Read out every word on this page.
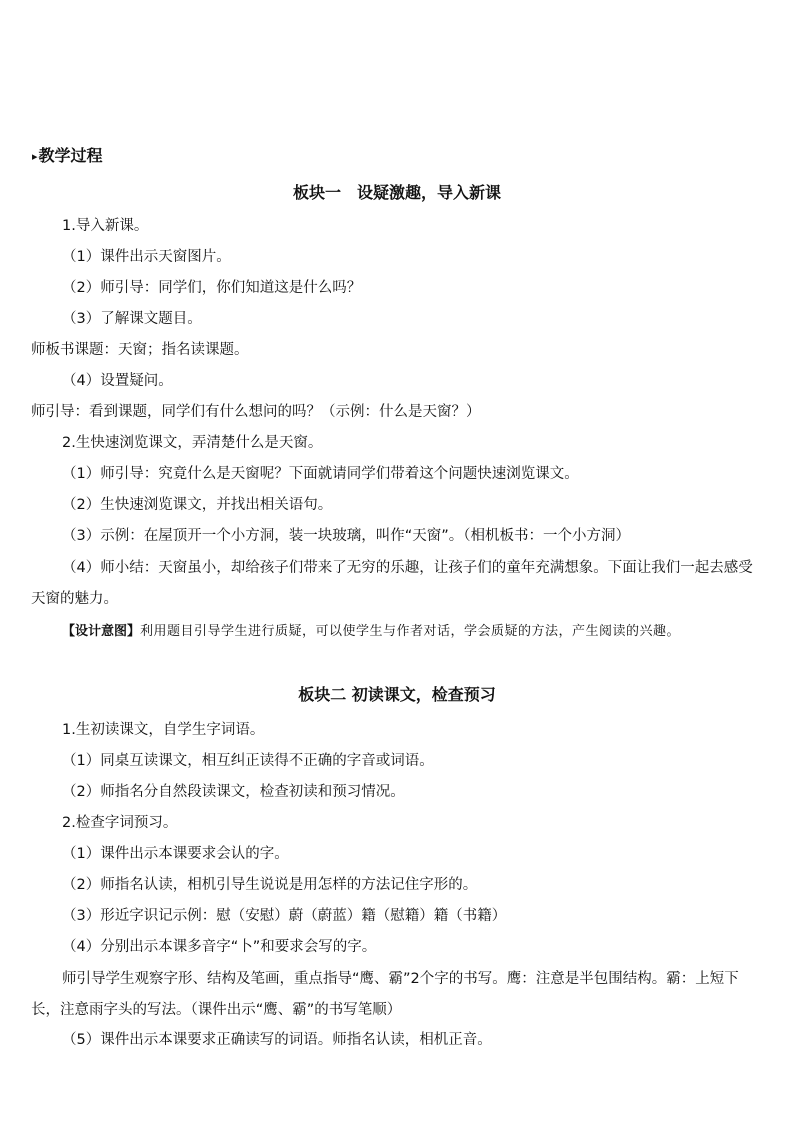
▸教学过程
板块一　设疑激趣，导入新课
1.导入新课。
（1）课件出示天窗图片。
（2）师引导：同学们，你们知道这是什么吗？
（3）了解课文题目。
师板书课题：天窗；指名读课题。
（4）设置疑问。
师引导：看到课题，同学们有什么想问的吗？（示例：什么是天窗？）
2.生快速浏览课文，弄清楚什么是天窗。
（1）师引导：究竟什么是天窗呢？下面就请同学们带着这个问题快速浏览课文。
（2）生快速浏览课文，并找出相关语句。
（3）示例：在屋顶开一个小方洞，装一块玻璃，叫作“天窗”。（相机板书：一个小方洞）
（4）师小结：天窗虽小，却给孩子们带来了无穷的乐趣，让孩子们的童年充满想象。下面让我们一起去感受天窗的魅力。
【设计意图】利用题目引导学生进行质疑，可以使学生与作者对话，学会质疑的方法，产生阅读的兴趣。
板块二 初读课文，检查预习
1.生初读课文，自学生字词语。
（1）同桌互读课文，相互纠正读得不正确的字音或词语。
（2）师指名分自然段读课文，检查初读和预习情况。
2.检查字词预习。
（1）课件出示本课要求会认的字。
（2）师指名认读，相机引导生说说是用怎样的方法记住字形的。
（3）形近字识记示例：慰（安慰）蔚（蔚蓝）籍（慰籍）籍（书籍）
（4）分别出示本课多音字“卜”和要求会写的字。
师引导学生观察字形、结构及笔画，重点指导“鹰、霸”2个字的书写。鹰：注意是半包围结构。霸：上短下长，注意雨字头的写法。（课件出示“鹰、霸”的书写笔顺）
（5）课件出示本课要求正确读写的词语。师指名认读，相机正音。
